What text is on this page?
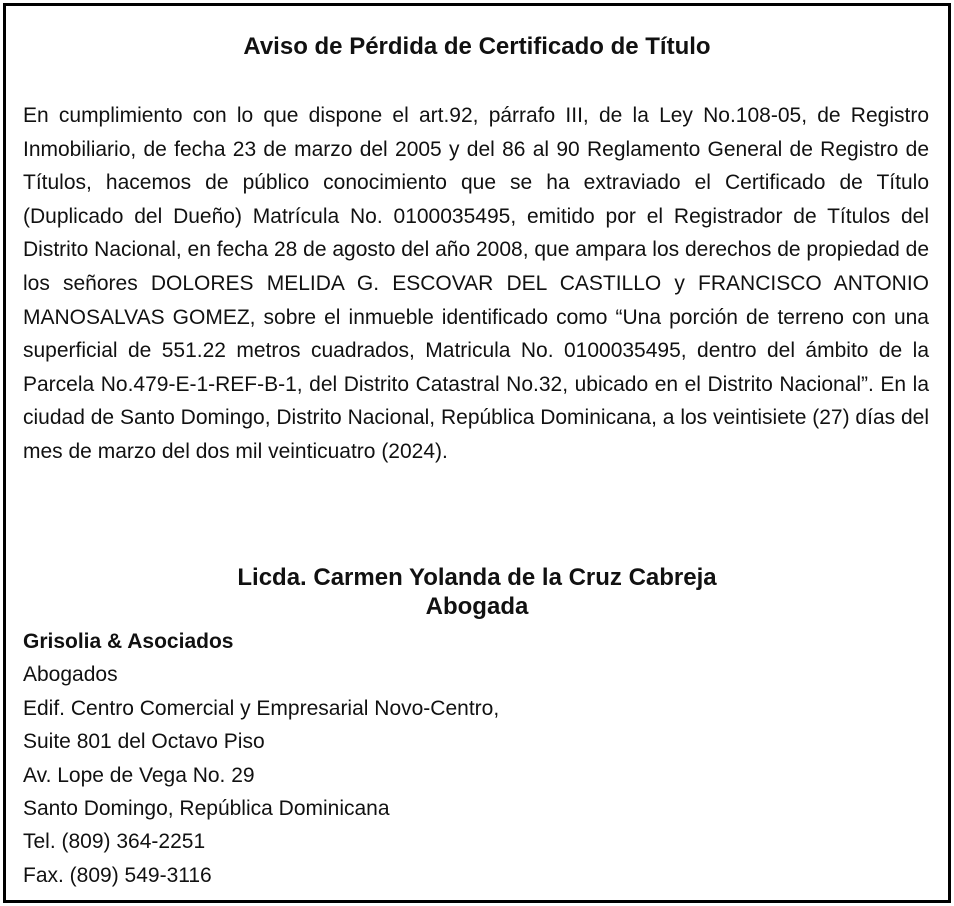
Aviso de Pérdida de Certificado de Título

En cumplimiento con lo que dispone el art.92, párrafo III, de la Ley No.108-05, de Registro Inmobiliario, de fecha 23 de marzo del 2005 y del 86 al 90 Reglamento General de Registro de Títulos, hacemos de público conocimiento que se ha extraviado el Certificado de Título (Duplicado del Dueño) Matrícula No. 0100035495, emitido por el Registrador de Títulos del Distrito Nacional, en fecha 28 de agosto del año 2008, que ampara los derechos de propiedad de los señores DOLORES MELIDA G. ESCOVAR DEL CASTILLO y FRANCISCO ANTONIO MANOSALVAS GOMEZ, sobre el inmueble identificado como “Una porción de terreno con una superficial de 551.22 metros cuadrados, Matricula No. 0100035495, dentro del ámbito de la Parcela No.479-E-1-REF-B-1, del Distrito Catastral No.32, ubicado en el Distrito Nacional”. En la ciudad de Santo Domingo, Distrito Nacional, República Dominicana, a los veintisiete (27) días del mes de marzo del dos mil veinticuatro (2024).

Licda. Carmen Yolanda de la Cruz Cabreja
Abogada
Grisolia & Asociados
Abogados
Edif. Centro Comercial y Empresarial Novo-Centro,
Suite 801 del Octavo Piso
Av. Lope de Vega No. 29
Santo Domingo, República Dominicana
Tel. (809) 364-2251
Fax. (809) 549-3116
